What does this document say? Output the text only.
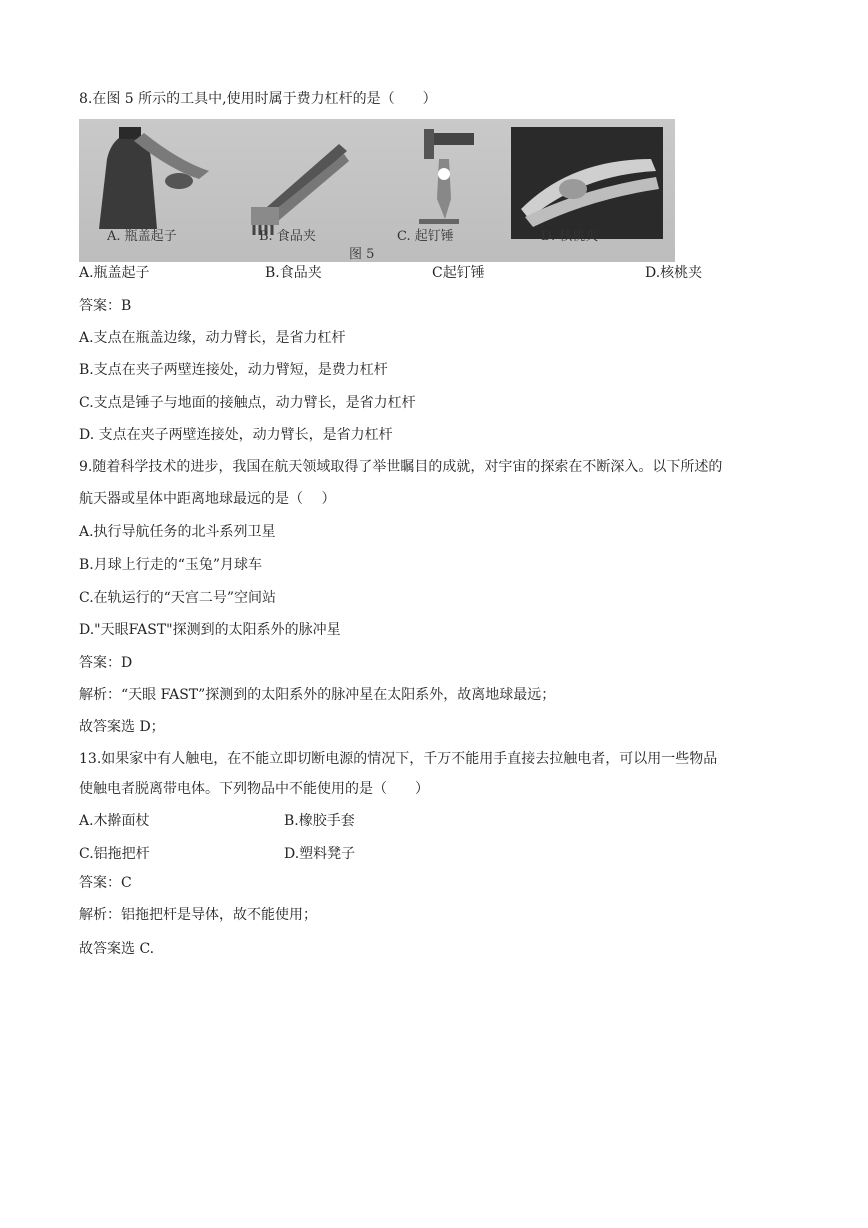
8.在图 5 所示的工具中,使用时属于费力杠杆的是（　　）
A. 瓶盖起子	B. 食品夹	C. 起钉锤	D. 核桃夹
图 5
A.瓶盖起子	B.食品夹	C起钉锤	D.核桃夹
答案：B
A.支点在瓶盖边缘，动力臂长，是省力杠杆
B.支点在夹子两壁连接处，动力臂短，是费力杠杆
C.支点是锤子与地面的接触点，动力臂长，是省力杠杆
D. 支点在夹子两壁连接处，动力臂长，是省力杠杆
9.随着科学技术的进步，我国在航天领域取得了举世瞩目的成就，对宇宙的探索在不断深入。以下所述的
航天器或星体中距离地球最远的是（　 ）
A.执行导航任务的北斗系列卫星
B.月球上行走的“玉兔”月球车
C.在轨运行的“天宫二号”空间站
D."天眼FAST"探测到的太阳系外的脉冲星
答案：D
解析：“天眼 FAST”探测到的太阳系外的脉冲星在太阳系外，故离地球最远；
故答案选 D；
13.如果家中有人触电，在不能立即切断电源的情况下，千万不能用手直接去拉触电者，可以用一些物品
使触电者脱离带电体。下列物品中不能使用的是（　　）
A.木擀面杖	B.橡胶手套
C.铝拖把杆	D.塑料凳子
答案：C
解析：铝拖把杆是导体，故不能使用；
故答案选 C.
